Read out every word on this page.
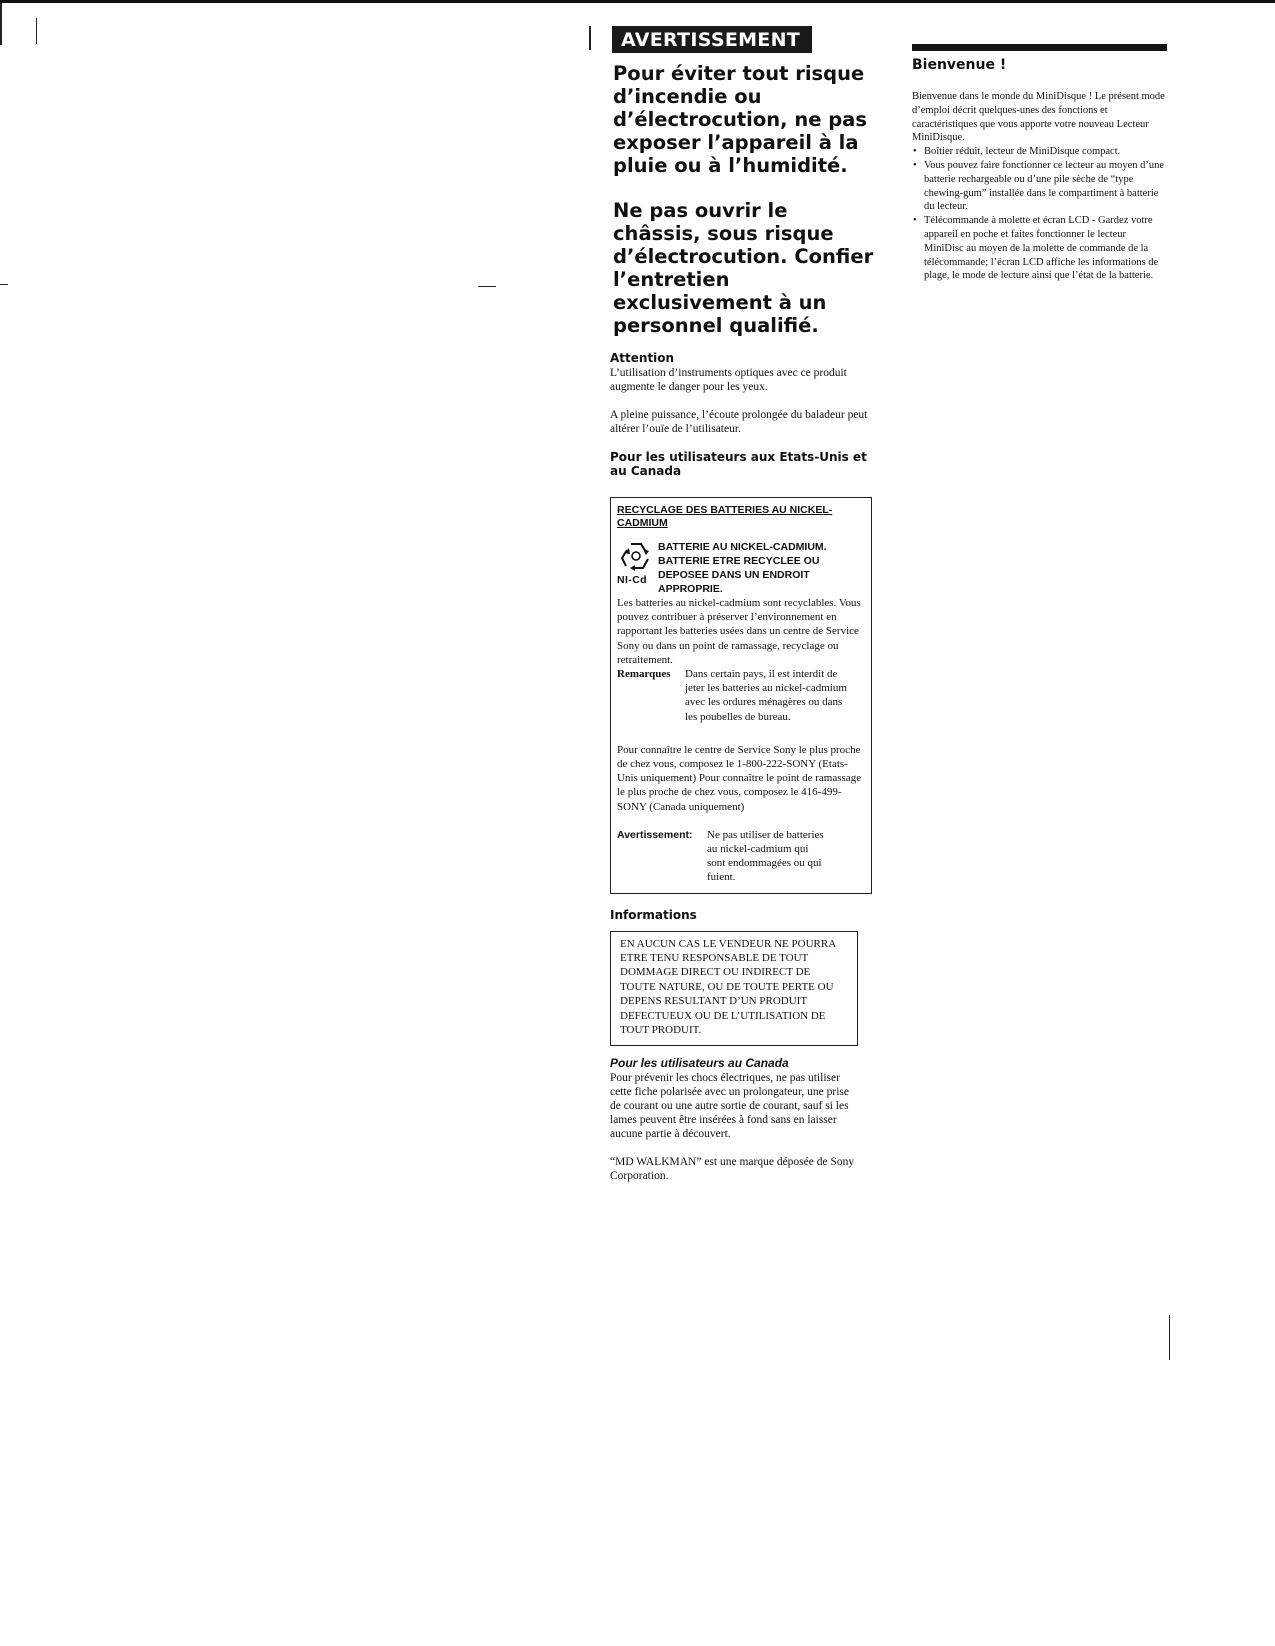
AVERTISSEMENT
Pour éviter tout risque d’incendie ou d’électrocution, ne pas exposer l’appareil à la pluie ou à l’humidité.
Ne pas ouvrir le châssis, sous risque d’électrocution. Confier l’entretien exclusivement à un personnel qualifié.
Attention

L’utilisation d’instruments optiques avec ce produit augmente le danger pour les yeux.

A pleine puissance, l’écoute prolongée du baladeur peut altérer l’ouïe de l’utilisateur.

Pour les utilisateurs aux Etats-Unis et au Canada
RECYCLAGE DES BATTERIES AU NICKEL-CADMIUM
NI-Cd
BATTERIE AU NICKEL-CADMIUM. BATTERIE ETRE RECYCLEE OU DEPOSEE DANS UN ENDROIT APPROPRIE.

Les batteries au nickel-cadmium sont recyclables. Vous pouvez contribuer à préserver l’environnement en rapportant les batteries usées dans un centre de Service Sony ou dans un point de ramassage, recyclage ou retraitement.

Remarques	Dans certain pays, il est interdit de jeter les batteries au nickel-cadmium avec les ordures ménagères ou dans les poubelles de bureau.

Pour connaître le centre de Service Sony le plus proche de chez vous, composez le 1-800-222-SONY (Etats-Unis uniquement) Pour connaître le point de ramassage le plus proche de chez vous, composez le 416-499-SONY (Canada uniquement)

Avertissement:	Ne pas utiliser de batteries au nickel-cadmium qui sont endommagées ou qui fuient.
Informations
EN AUCUN CAS LE VENDEUR NE POURRA ETRE TENU RESPONSABLE DE TOUT DOMMAGE DIRECT OU INDIRECT DE TOUTE NATURE, OU DE TOUTE PERTE OU DEPENS RESULTANT D’UN PRODUIT DEFECTUEUX OU DE L’UTILISATION DE TOUT PRODUIT.
Pour les utilisateurs au Canada

Pour prévenir les chocs électriques, ne pas utiliser cette fiche polarisée avec un prolongateur, une prise de courant ou une autre sortie de courant, sauf si les lames peuvent être insérées à fond sans en laisser aucune partie à découvert.

“MD WALKMAN” est une marque déposée de Sony Corporation.

Bienvenue !
Bienvenue dans le monde du MiniDisque ! Le présent mode d’emploi décrit quelques-unes des fonctions et caractéristiques que vous apporte votre nouveau Lecteur MiniDisque.
• Boîtier réduit, lecteur de MiniDisque compact.
• Vous pouvez faire fonctionner ce lecteur au moyen d’une batterie rechargeable ou d’une pile sèche de “type chewing-gum” installée dans le compartiment à batterie du lecteur.
• Télécommande à molette et écran LCD - Gardez votre appareil en poche et faites fonctionner le lecteur MiniDisc au moyen de la molette de commande de la télécommande; l’écran LCD affiche les informations de plage, le mode de lecture ainsi que l’état de la batterie.
